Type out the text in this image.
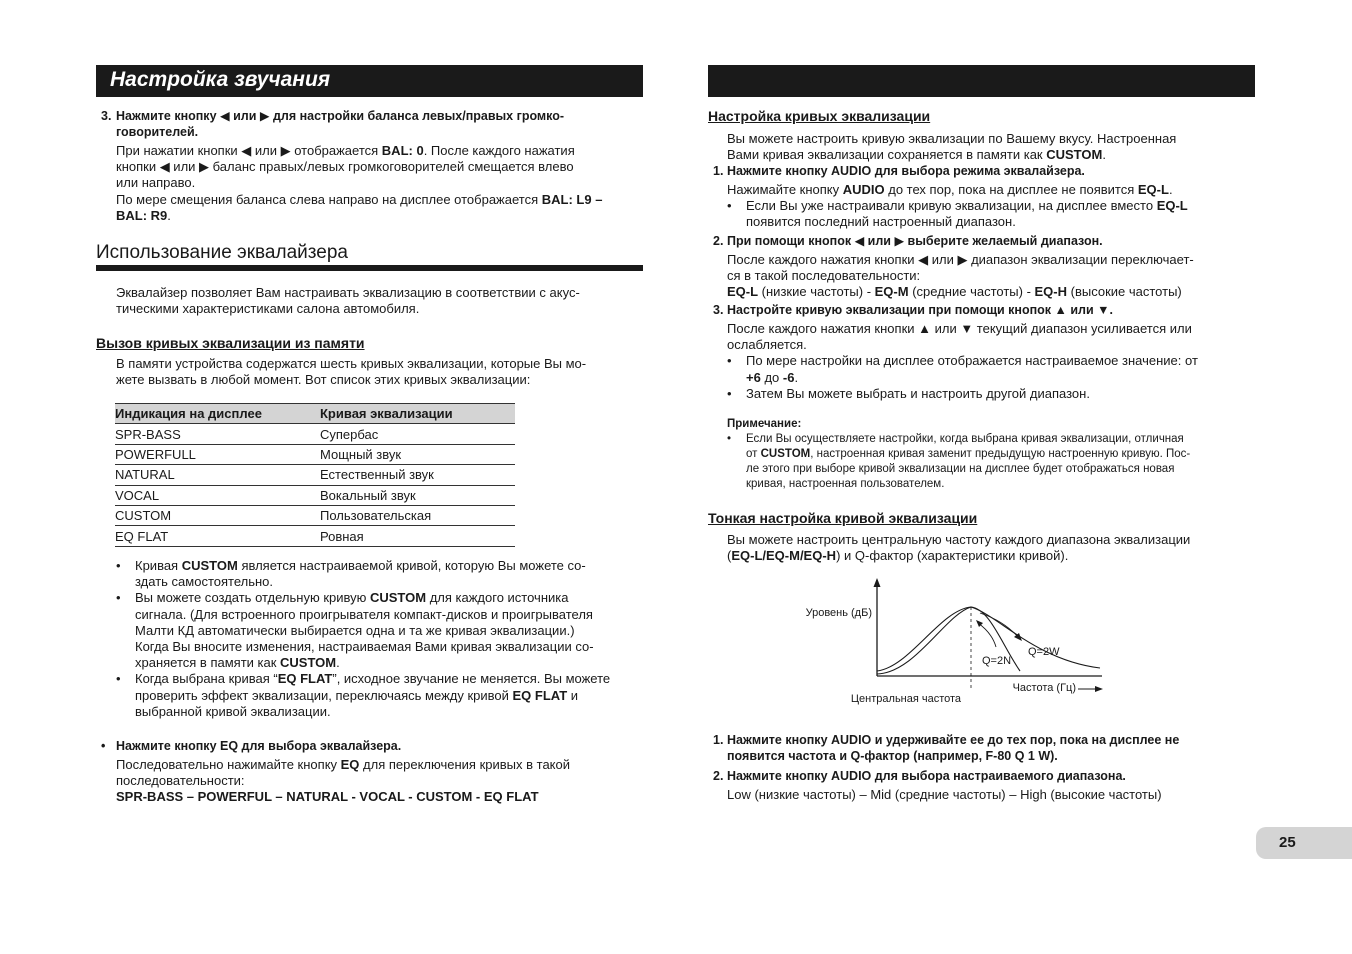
Настройка звучания
3. Нажмите кнопку ◀ или ▶ для настройки баланса левых/правых громко-
говорителей.
При нажатии кнопки ◀ или ▶ отображается BAL: 0. После каждого нажатия
кнопки ◀ или ▶ баланс правых/левых громкоговорителей смещается влево
или направо.
По мере смещения баланса слева направо на дисплее отображается BAL: L9 –
BAL: R9.
Использование эквалайзера
Эквалайзер позволяет Вам настраивать эквализацию в соответствии с акус-
тическими характеристиками салона автомобиля.
Вызов кривых эквализации из памяти
В памяти устройства содержатся шесть кривых эквализации, которые Вы мо-
жете вызвать в любой момент. Вот список этих кривых эквализации:
Индикация на дисплее	Кривая эквализации
SPR-BASS	Супербас
POWERFULL	Мощный звук
NATURAL	Естественный звук
VOCAL	Вокальный звук
CUSTOM	Пользовательская
EQ FLAT	Ровная
• Кривая CUSTOM является настраиваемой кривой, которую Вы можете со-
здать самостоятельно.
• Вы можете создать отдельную кривую CUSTOM для каждого источника
сигнала. (Для встроенного проигрывателя компакт-дисков и проигрывателя
Малти КД автоматически выбирается одна и та же кривая эквализации.)
Когда Вы вносите изменения, настраиваемая Вами кривая эквализации со-
храняется в памяти как CUSTOM.
• Когда выбрана кривая “EQ FLAT”, исходное звучание не меняется. Вы можете
проверить эффект эквализации, переключаясь между кривой EQ FLAT и
выбранной кривой эквализации.
• Нажмите кнопку EQ для выбора эквалайзера.
Последовательно нажимайте кнопку EQ для переключения кривых в такой
последовательности:
SPR-BASS – POWERFUL – NATURAL - VOCAL - CUSTOM - EQ FLAT
Настройка кривых эквализации
Вы можете настроить кривую эквализации по Вашему вкусу. Настроенная
Вами кривая эквализации сохраняется в памяти как CUSTOM.
1. Нажмите кнопку AUDIO для выбора режима эквалайзера.
Нажимайте кнопку AUDIO до тех пор, пока на дисплее не появится EQ-L.
• Если Вы уже настраивали кривую эквализации, на дисплее вместо EQ-L
появится последний настроенный диапазон.
2. При помощи кнопок ◀ или ▶ выберите желаемый диапазон.
После каждого нажатия кнопки ◀ или ▶ диапазон эквализации переключает-
ся в такой последовательности:
EQ-L (низкие частоты) - EQ-M (средние частоты) - EQ-H (высокие частоты)
3. Настройте кривую эквализации при помощи кнопок ▲ или ▼.
После каждого нажатия кнопки ▲ или ▼ текущий диапазон усиливается или
ослабляется.
• По мере настройки на дисплее отображается настраиваемое значение: от
+6 до -6.
• Затем Вы можете выбрать и настроить другой диапазон.
Примечание:
• Если Вы осуществляете настройки, когда выбрана кривая эквализации, отличная
от CUSTOM, настроенная кривая заменит предыдущую настроенную кривую. Пос-
ле этого при выборе кривой эквализации на дисплее будет отображаться новая
кривая, настроенная пользователем.
Тонкая настройка кривой эквализации
Вы можете настроить центральную частоту каждого диапазона эквализации
(EQ-L/EQ-M/EQ-H) и Q-фактор (характеристики кривой).
Уровень (дБ)
Q=2N
Q=2W
Частота (Гц)
Центральная частота
1. Нажмите кнопку AUDIO и удерживайте ее до тех пор, пока на дисплее не
появится частота и Q-фактор (например, F-80 Q 1 W).
2. Нажмите кнопку AUDIO для выбора настраиваемого диапазона.
Low (низкие частоты) – Mid (средние частоты) – High (высокие частоты)
25
